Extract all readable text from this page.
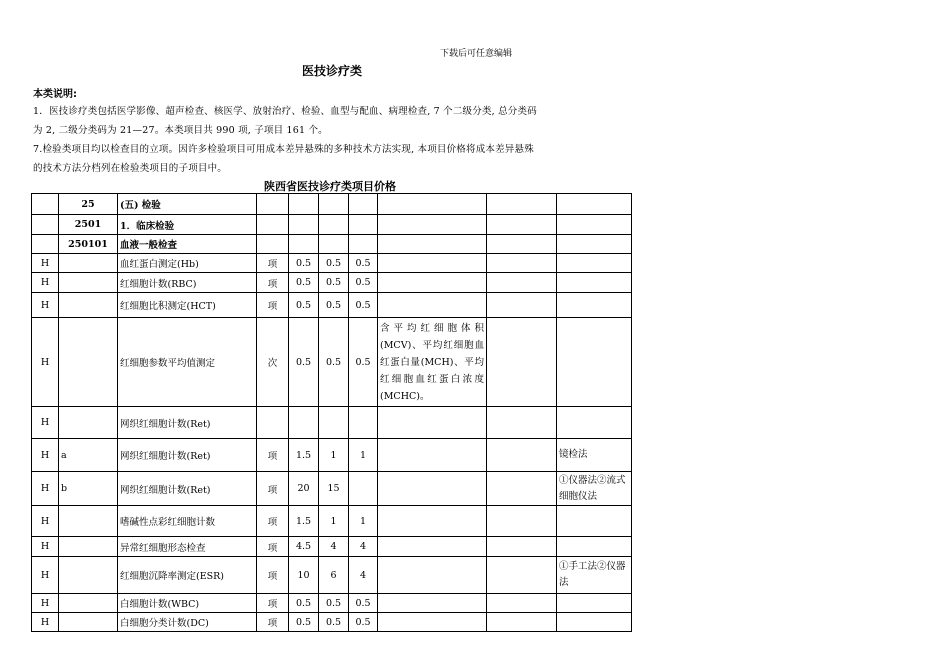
下载后可任意编辑
医技诊疗类
本类说明:
1．医技诊疗类包括医学影像、超声检查、核医学、放射治疗、检验、血型与配血、病理检查, 7 个二级分类, 总分类码
为 2, 二级分类码为 21—27。本类项目共 990 项, 子项目 161 个。
7.检验类项目均以检查目的立项。因许多检验项目可用成本差异悬殊的多种技术方法实现, 本项目价格将成本差异悬殊
的技术方法分档列在检验类项目的子项目中。
陕西省医技诊疗类项目价格
	25	(五) 检验							
	2501	1．临床检验							
	250101	血液一般检查							
H		血红蛋白测定(Hb)	项	0.5	0.5	0.5			
H		红细胞计数(RBC)	项	0.5	0.5	0.5			
H		红细胞比积测定(HCT)	项	0.5	0.5	0.5			
H		红细胞参数平均值测定	次	0.5	0.5	0.5	含平均红细胞体积(MCV)、平均红细胞血红蛋白量(MCH)、平均红细胞血红蛋白浓度(MCHC)。		
H		网织红细胞计数(Ret)							
H	a	网织红细胞计数(Ret)	项	1.5	1	1			镜检法
H	b	网织红细胞计数(Ret)	项	20	15				①仪器法②流式细胞仪法
H		嗜碱性点彩红细胞计数	项	1.5	1	1			
H		异常红细胞形态检查	项	4.5	4	4			
H		红细胞沉降率测定(ESR)	项	10	6	4			①手工法②仪器法
H		白细胞计数(WBC)	项	0.5	0.5	0.5			
H		白细胞分类计数(DC)	项	0.5	0.5	0.5			
